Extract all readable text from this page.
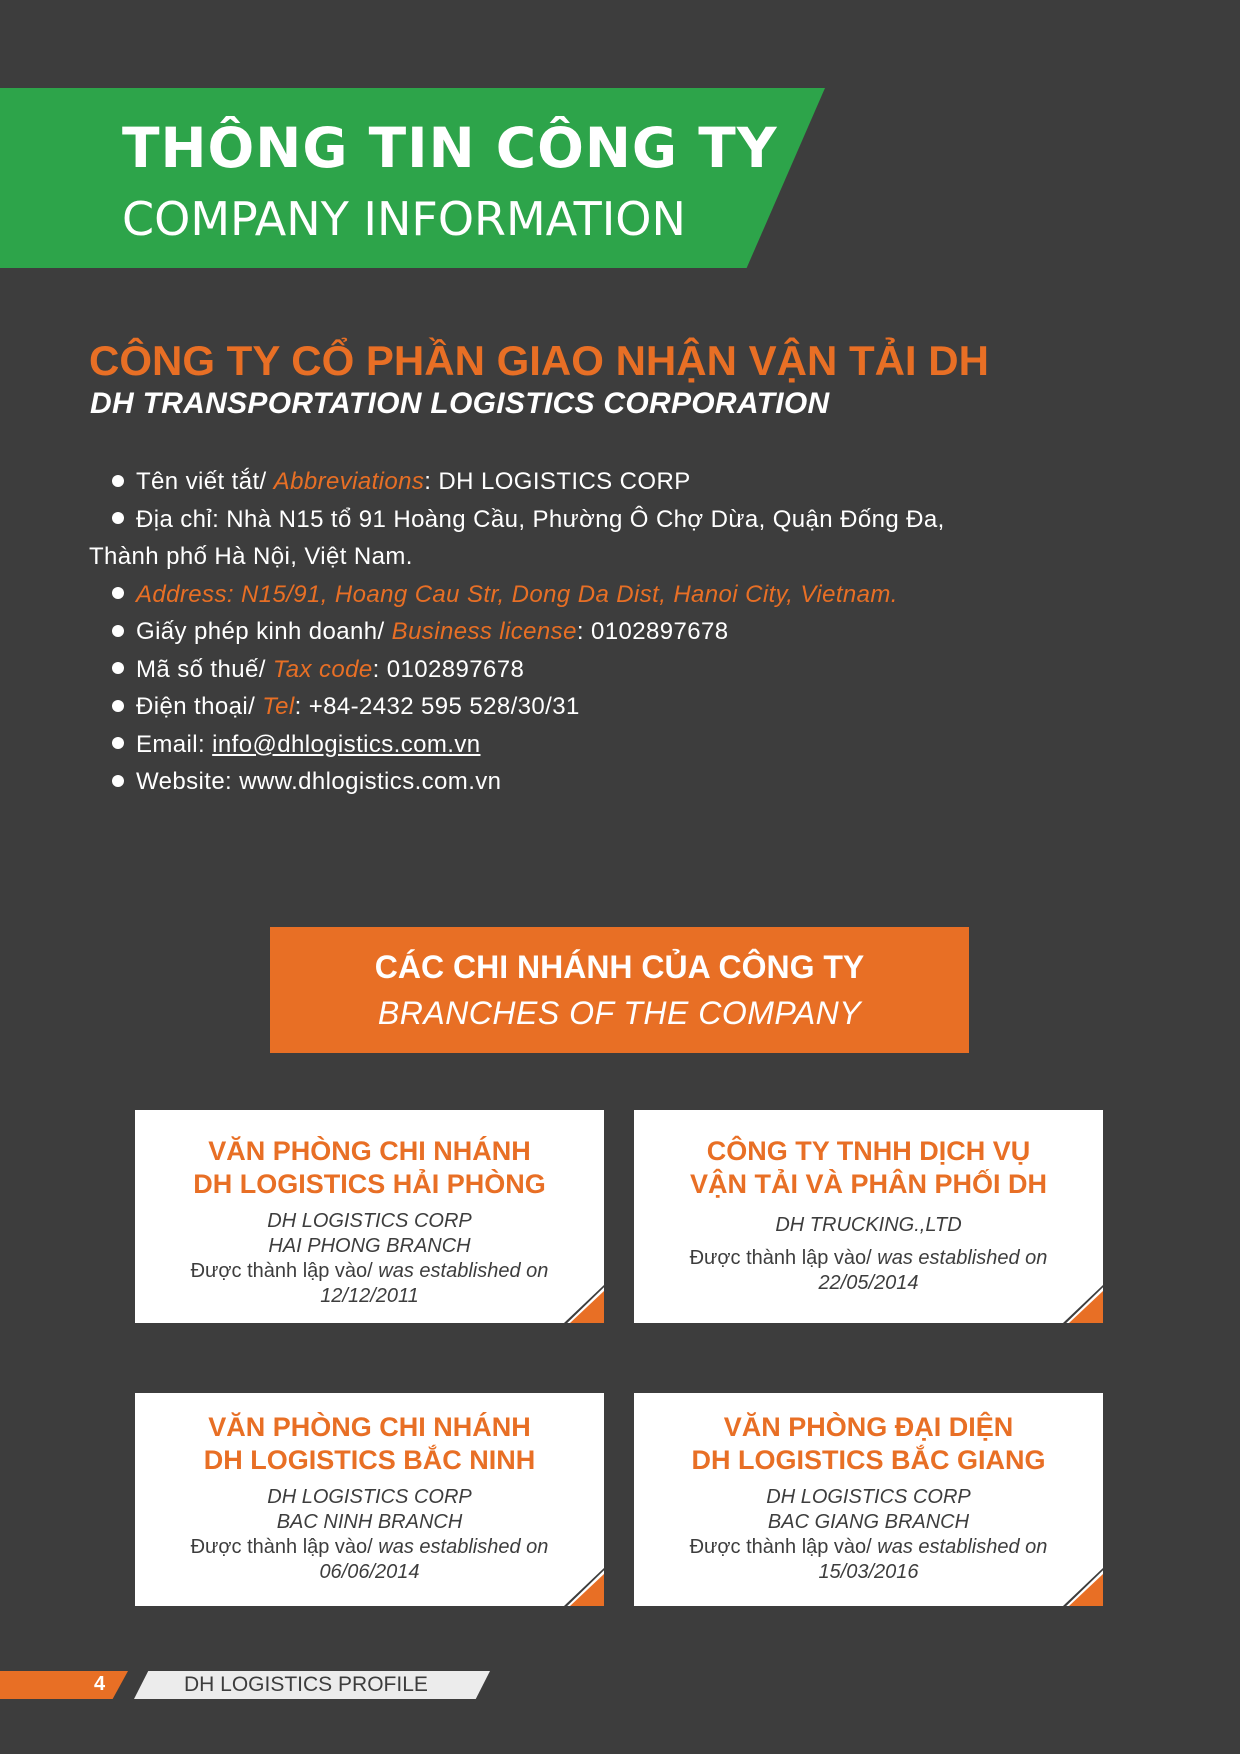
THÔNG TIN CÔNG TY
COMPANY INFORMATION
CÔNG TY CỔ PHẦN GIAO NHẬN VẬN TẢI DH
DH TRANSPORTATION LOGISTICS CORPORATION
Tên viết tắt/ Abbreviations: DH LOGISTICS CORP
Địa chỉ: Nhà N15 tổ 91 Hoàng Cầu, Phường Ô Chợ Dừa, Quận Đống Đa,
Thành phố Hà Nội, Việt Nam.
Address: N15/91, Hoang Cau Str, Dong Da Dist, Hanoi City, Vietnam.
Giấy phép kinh doanh/ Business license: 0102897678
Mã số thuế/ Tax code: 0102897678
Điện thoại/ Tel: +84-2432 595 528/30/31
Email: info@dhlogistics.com.vn
Website: www.dhlogistics.com.vn
CÁC CHI NHÁNH CỦA CÔNG TY
BRANCHES OF THE COMPANY
VĂN PHÒNG CHI NHÁNH
DH LOGISTICS HẢI PHÒNG
DH LOGISTICS CORP
HAI PHONG BRANCH
Được thành lập vào/ was established on
12/12/2011
CÔNG TY TNHH DỊCH VỤ
VẬN TẢI VÀ PHÂN PHỐI DH
DH TRUCKING.,LTD
Được thành lập vào/ was established on
22/05/2014
VĂN PHÒNG CHI NHÁNH
DH LOGISTICS BẮC NINH
DH LOGISTICS CORP
BAC NINH BRANCH
Được thành lập vào/ was established on
06/06/2014
VĂN PHÒNG ĐẠI DIỆN
DH LOGISTICS BẮC GIANG
DH LOGISTICS CORP
BAC GIANG BRANCH
Được thành lập vào/ was established on
15/03/2016
4	DH LOGISTICS PROFILE
